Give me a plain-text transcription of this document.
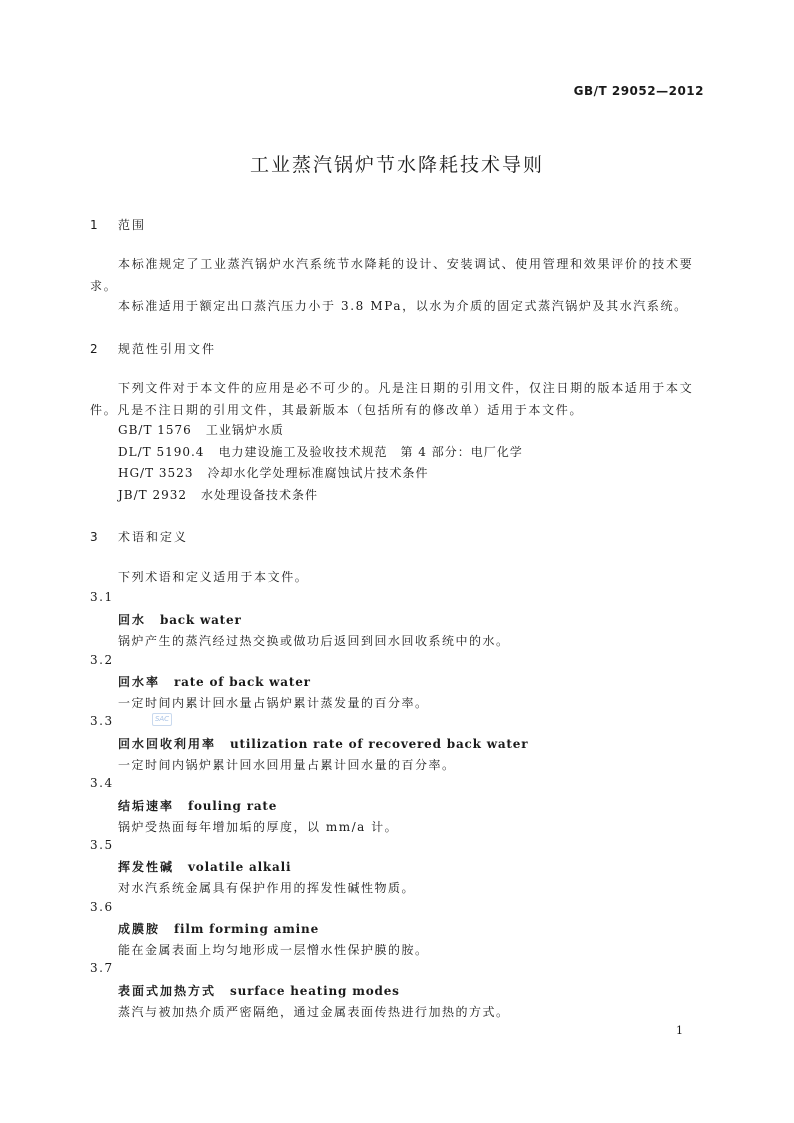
GB/T 29052—2012
工业蒸汽锅炉节水降耗技术导则
1 范围
本标准规定了工业蒸汽锅炉水汽系统节水降耗的设计、安装调试、使用管理和效果评价的技术要求。
本标准适用于额定出口蒸汽压力小于 3.8 MPa，以水为介质的固定式蒸汽锅炉及其水汽系统。
2 规范性引用文件
下列文件对于本文件的应用是必不可少的。凡是注日期的引用文件，仅注日期的版本适用于本文件。凡是不注日期的引用文件，其最新版本（包括所有的修改单）适用于本文件。
GB/T 1576 工业锅炉水质
DL/T 5190.4 电力建设施工及验收技术规范　第 4 部分：电厂化学
HG/T 3523 冷却水化学处理标准腐蚀试片技术条件
JB/T 2932 水处理设备技术条件
3 术语和定义
下列术语和定义适用于本文件。
3.1
回水 back water
锅炉产生的蒸汽经过热交换或做功后返回到回水回收系统中的水。
3.2
回水率 rate of back water
一定时间内累计回水量占锅炉累计蒸发量的百分率。
3.3	SAC
回水回收利用率 utilization rate of recovered back water
一定时间内锅炉累计回水回用量占累计回水量的百分率。
3.4
结垢速率 fouling rate
锅炉受热面每年增加垢的厚度，以 mm/a 计。
3.5
挥发性碱 volatile alkali
对水汽系统金属具有保护作用的挥发性碱性物质。
3.6
成膜胺 film forming amine
能在金属表面上均匀地形成一层憎水性保护膜的胺。
3.7
表面式加热方式 surface heating modes
蒸汽与被加热介质严密隔绝，通过金属表面传热进行加热的方式。
1
